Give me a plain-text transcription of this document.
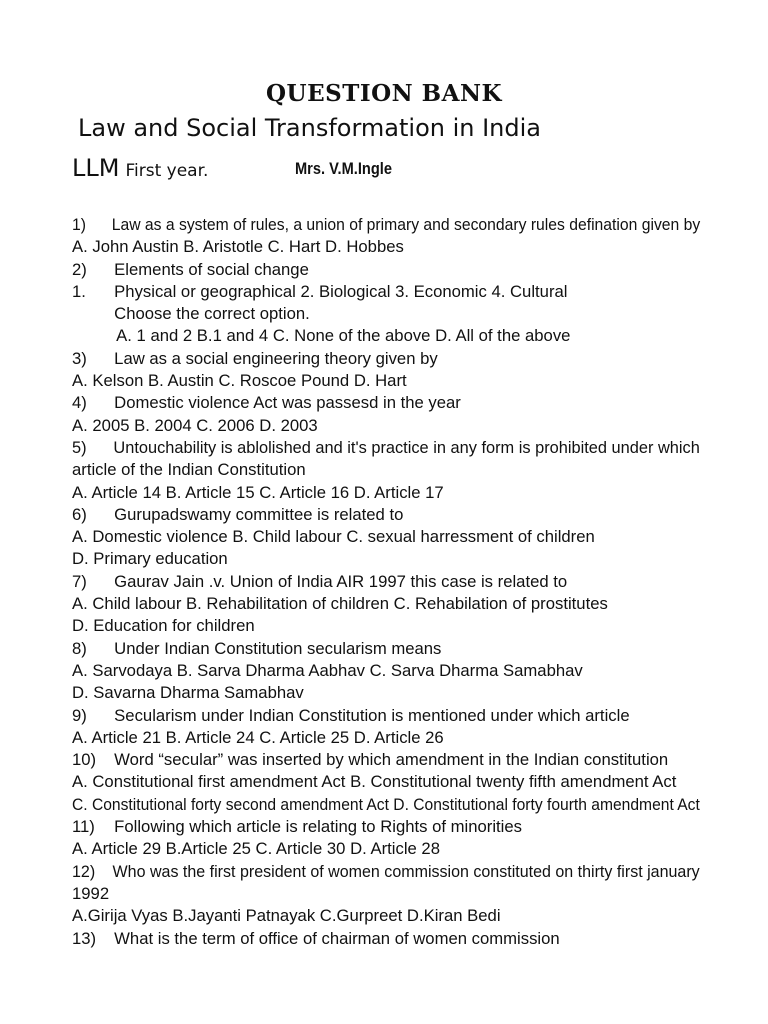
QUESTION BANK
Law and Social Transformation in India
LLM First year.	Mrs. V.M.Ingle
1) Law as a system of rules, a union of primary and secondary rules defination given by
A. John Austin B. Aristotle C. Hart D. Hobbes
2) Elements of social change
1. Physical or geographical 2. Biological 3. Economic 4. Cultural
Choose the correct option.
A. 1 and 2 B.1 and 4 C. None of the above D. All of the above
3) Law as a social engineering theory given by
A. Kelson B. Austin C. Roscoe Pound D. Hart
4) Domestic violence Act was passesd in the year
A. 2005 B. 2004 C. 2006 D. 2003
5) Untouchability is ablolished and it's practice in any form is prohibited under which
article of the Indian Constitution
A. Article 14 B. Article 15 C. Article 16 D. Article 17
6) Gurupadswamy committee is related to
A. Domestic violence B. Child labour C. sexual harressment of children
D. Primary education
7) Gaurav Jain .v. Union of India AIR 1997 this case is related to
A. Child labour B. Rehabilitation of children C. Rehabilation of prostitutes
D. Education for children
8) Under Indian Constitution secularism means
A. Sarvodaya B. Sarva Dharma Aabhav C. Sarva Dharma Samabhav
D. Savarna Dharma Samabhav
9) Secularism under Indian Constitution is mentioned under which article
A. Article 21 B. Article 24 C. Article 25 D. Article 26
10) Word “secular” was inserted by which amendment in the Indian constitution
A. Constitutional first amendment Act B. Constitutional twenty fifth amendment Act
C. Constitutional forty second amendment Act D. Constitutional forty fourth amendment Act
11) Following which article is relating to Rights of minorities
A. Article 29 B.Article 25 C. Article 30 D. Article 28
12) Who was the first president of women commission constituted on thirty first january
1992
A.Girija Vyas B.Jayanti Patnayak C.Gurpreet D.Kiran Bedi
13) What is the term of office of chairman of women commission
